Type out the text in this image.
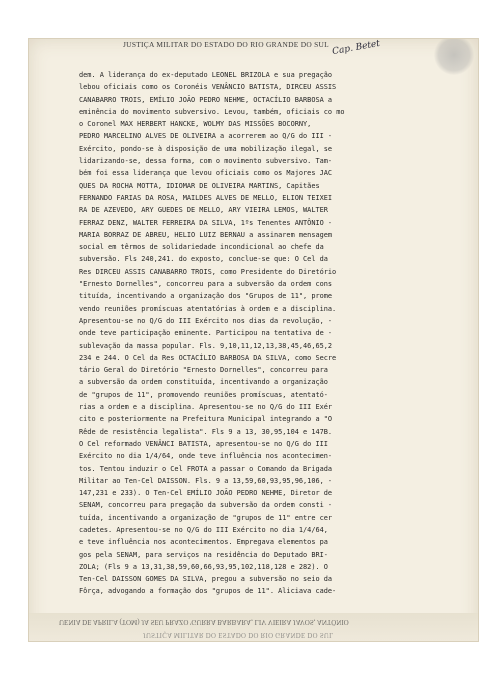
JUSTIÇA MILITAR DO ESTADO DO RIO GRANDE DO SUL Cap. Betet
dem. A liderança do ex-deputado LEONEL BRIZOLA e sua pregação
lebou oficiais como os Coronéis VENÂNCIO BATISTA, DIRCEU ASSIS
CANABARRO TROIS, EMÍLIO JOÃO PEDRO NEHME, OCTACÍLIO BARBOSA a
eminência do movimento subversivo. Levou, também, oficiais co mo
o Coronel MAX HERBERT HANCKE, WOLMY DAS MISSÕES BOCORNY,
PEDRO MARCELINO ALVES DE OLIVEIRA a acorrerem ao Q/G do III -
Exército, pondo-se à disposição de uma mobilização ilegal, se
lidarizando-se, dessa forma, com o movimento subversivo. Tam-
bém foi essa liderança que levou oficiais como os Majores JAC
QUES DA ROCHA MOTTA, IDIOMAR DE OLIVEIRA MARTINS, Capitães
FERNANDO FARIAS DA ROSA, MAILDES ALVES DE MELLO, ELION TEIXEI
RA DE AZEVEDO, ARY GUEDES DE MELLO, ARY VIEIRA LEMOS, WALTER
FERRAZ DENZ, WALTER FERREIRA DA SILVA, 1ºs Tenentes ANTÔNIO -
MARIA BORRAZ DE ABREU, HELIO LUIZ BERNAU a assinarem mensagem
social em têrmos de solidariedade incondicional ao chefe da
subversão. Fls 240,241. do exposto, conclue-se que: O Cel da
Res DIRCEU ASSIS CANABARRO TROIS, como Presidente do Diretório
"Ernesto Dornelles", concorreu para a subversão da ordem cons
tituída, incentivando a organização dos "Grupos de 11", prome
vendo reuniões promíscuas atentatórias à ordem e a disciplina.
Apresentou-se no Q/G do III Exército nos dias da revolução, -
onde teve participação eminente. Participou na tentativa de -
sublevação da massa popular. Fls. 9,10,11,12,13,38,45,46,65,2
234 e 244. O Cel da Res OCTACÍLIO BARBOSA DA SILVA, como Secre
tário Geral do Diretório "Ernesto Dornelles", concorreu para
a subversão da ordem constituída, incentivando a organização
de "grupos de 11", promovendo reuniões promíscuas, atentató-
rias a ordem e a disciplina. Apresentou-se no Q/G do III Exér
cito e posteriormente na Prefeitura Municipal integrando a "O
Rêde de resistência legalista". Fls 9 a 13, 30,95,104 e 147B.
O Cel reformado VENÂNCI BATISTA, apresentou-se no Q/G do III
Exército no dia 1/4/64, onde teve influência nos acontecimen-
tos. Tentou induzir o Cel FROTA a passar o Comando da Brigada
Militar ao Ten-Cel DAISSON. Fls. 9 a 13,59,60,93,95,96,106, -
147,231 e 233). O Ten-Cel EMÍLIO JOÃO PEDRO NEHME, Diretor de
SENAM, concorreu para pregação da subversão da ordem consti -
tuída, incentivando a organização de "grupos de 11" entre cer
cadetes. Apresentou-se no Q/G do III Exército no dia 1/4/64,
e teve influência nos acontecimentos. Empregava elementos pa
gos pela SENAM, para serviços na residência do Deputado BRI-
ZOLA; (Fls 9 a 13,31,38,59,60,66,93,95,102,118,128 e 282). O
Ten-Cel DAISSON GOMES DA SILVA, pregou a subversão no seio da
Fôrça, advogando a formação dos "grupos de 11". Aliciava cade-
UENIA DE APRILA (TOM) JA SEU PRAZO 'GURRA BARBARA, LIV VIEIRA JAVOS, ANTÔNIO
JUSTIÇA MILITAR DO ESTADO DO RIO GRANDE DO SUL
